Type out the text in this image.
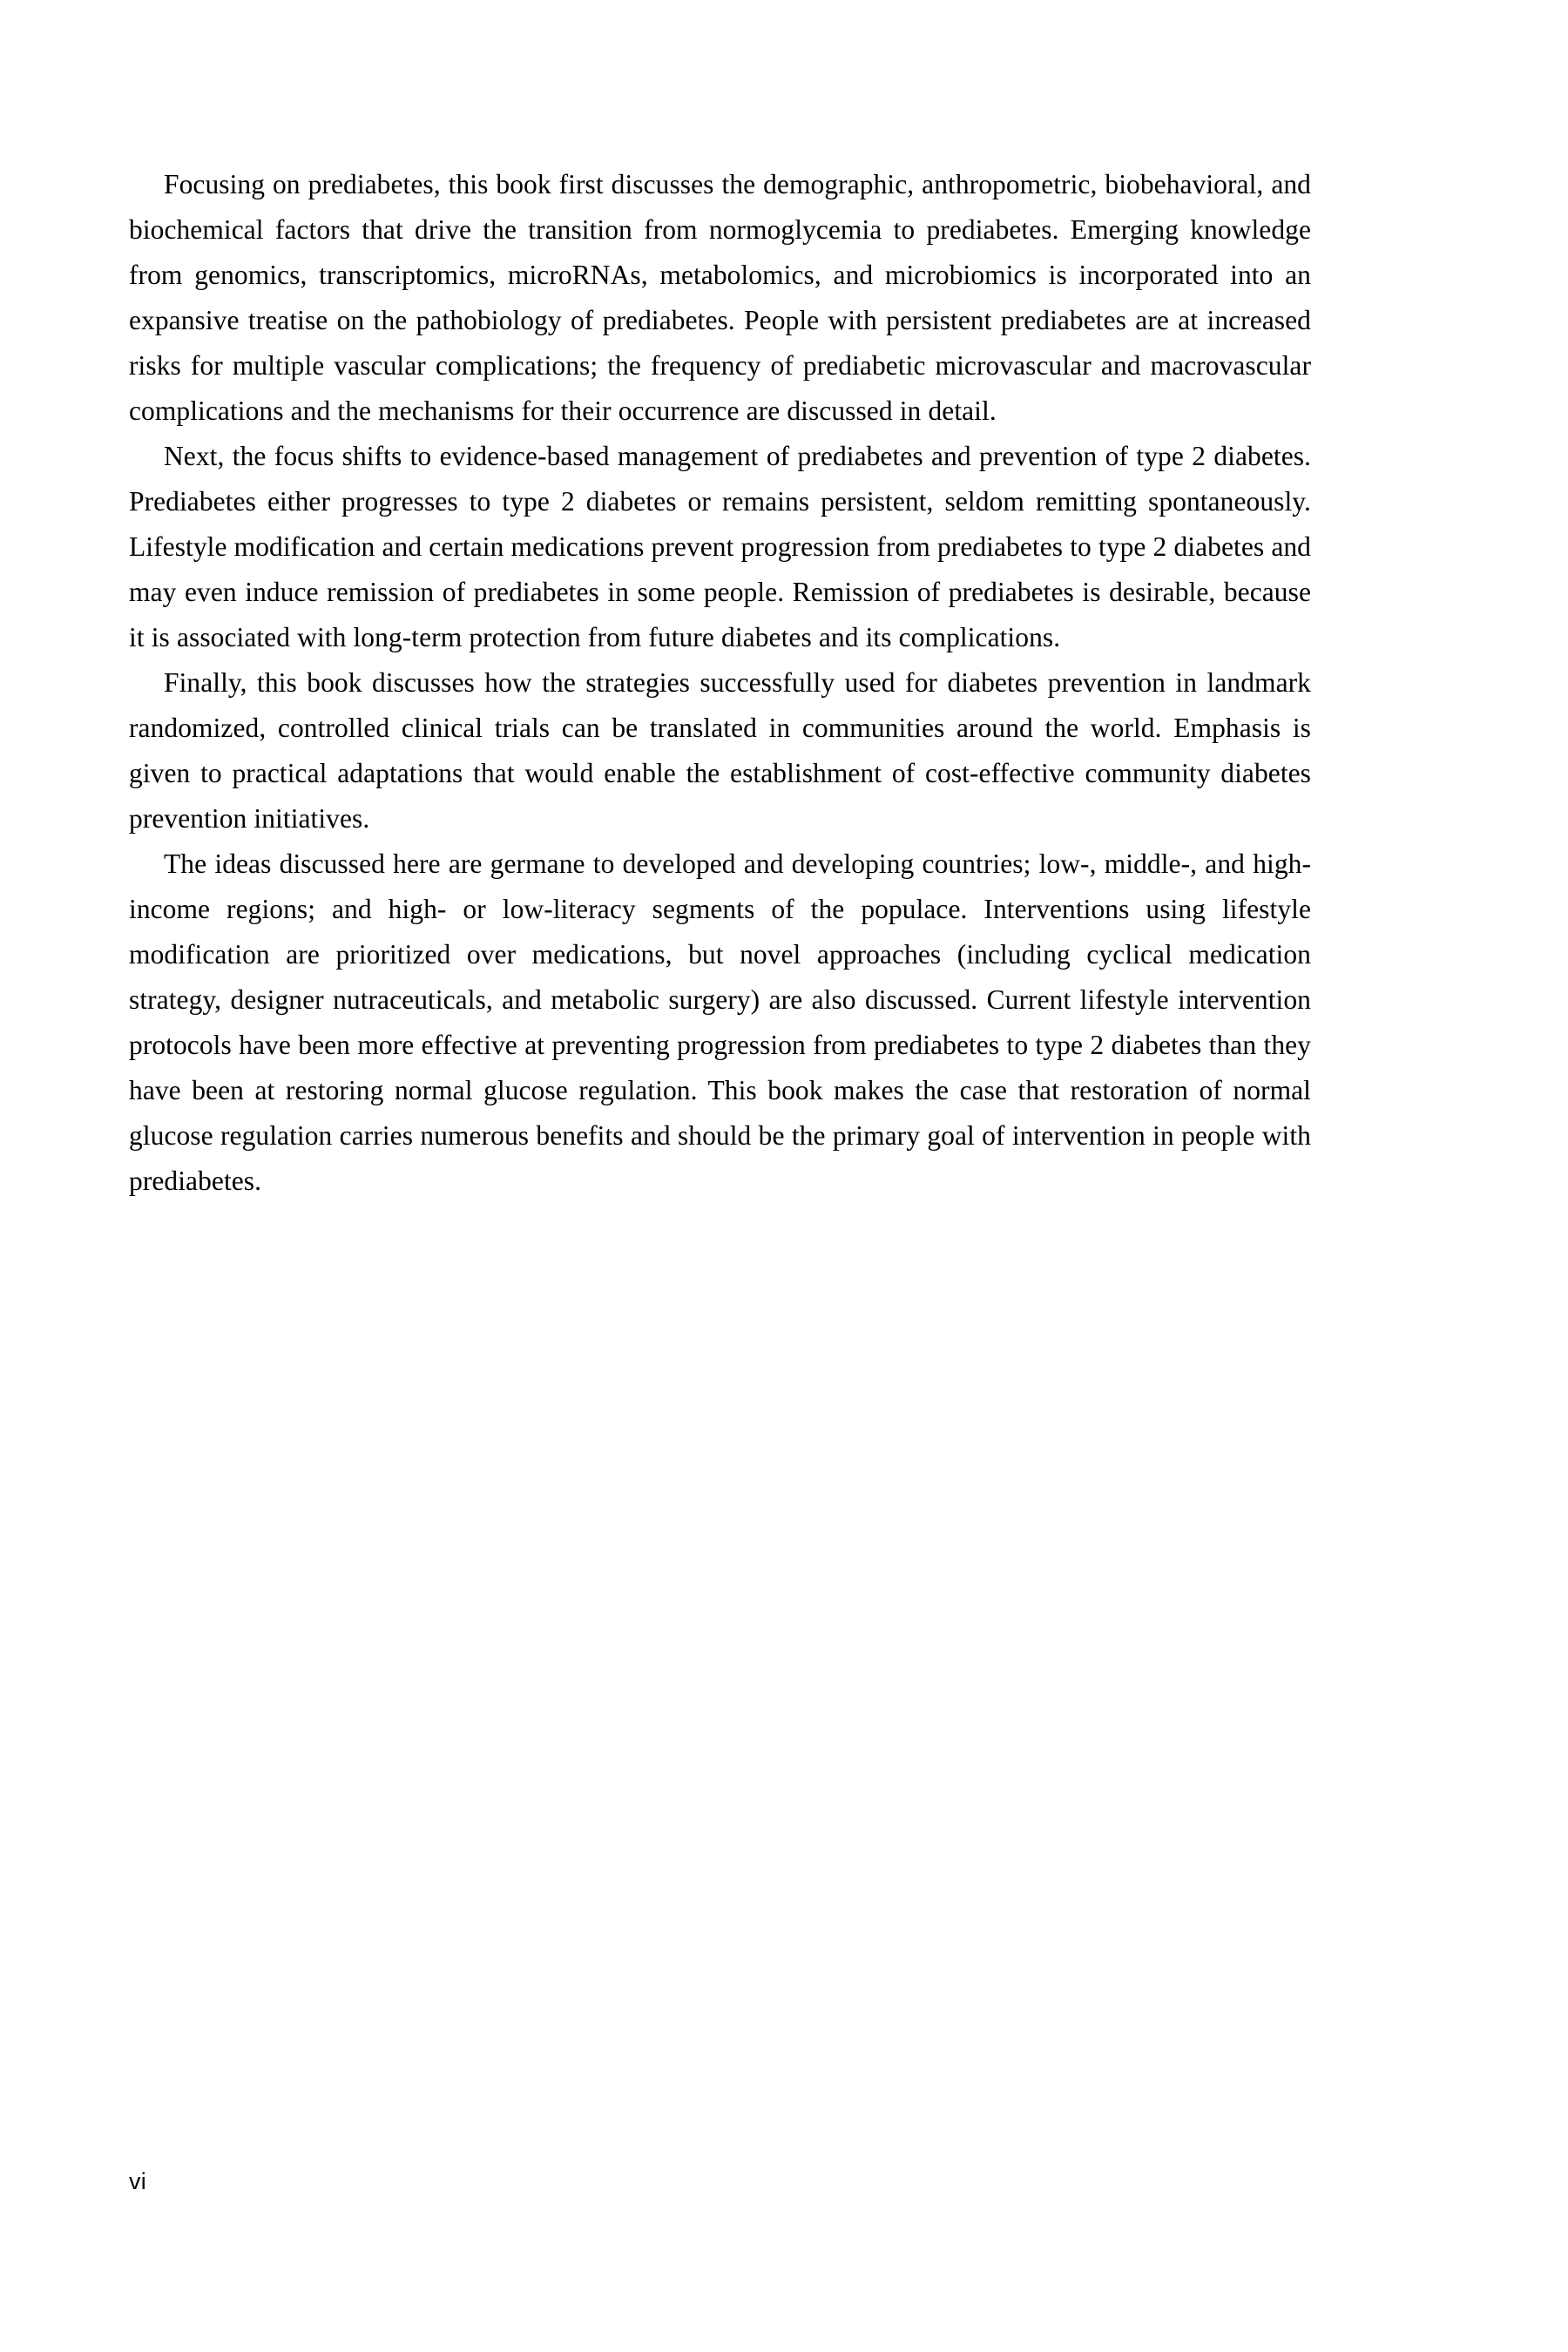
Focusing on prediabetes, this book first discusses the demographic, anthropometric, biobehavioral, and biochemical factors that drive the transition from normoglycemia to prediabetes. Emerging knowledge from genomics, transcriptomics, microRNAs, metabolomics, and microbiomics is incorporated into an expansive treatise on the pathobiology of prediabetes. People with persistent prediabetes are at increased risks for multiple vascular complications; the frequency of prediabetic microvascular and macrovascular complications and the mechanisms for their occurrence are discussed in detail.

Next, the focus shifts to evidence-based management of prediabetes and prevention of type 2 diabetes. Prediabetes either progresses to type 2 diabetes or remains persistent, seldom remitting spontaneously. Lifestyle modification and certain medications prevent progression from prediabetes to type 2 diabetes and may even induce remission of prediabetes in some people. Remission of prediabetes is desirable, because it is associated with long-term protection from future diabetes and its complications.

Finally, this book discusses how the strategies successfully used for diabetes prevention in landmark randomized, controlled clinical trials can be translated in communities around the world. Emphasis is given to practical adaptations that would enable the establishment of cost-effective community diabetes prevention initiatives.

The ideas discussed here are germane to developed and developing countries; low-, middle-, and high-income regions; and high- or low-literacy segments of the populace. Interventions using lifestyle modification are prioritized over medications, but novel approaches (including cyclical medication strategy, designer nutraceuticals, and metabolic surgery) are also discussed. Current lifestyle intervention protocols have been more effective at preventing progression from prediabetes to type 2 diabetes than they have been at restoring normal glucose regulation. This book makes the case that restoration of normal glucose regulation carries numerous benefits and should be the primary goal of intervention in people with prediabetes.

vi
